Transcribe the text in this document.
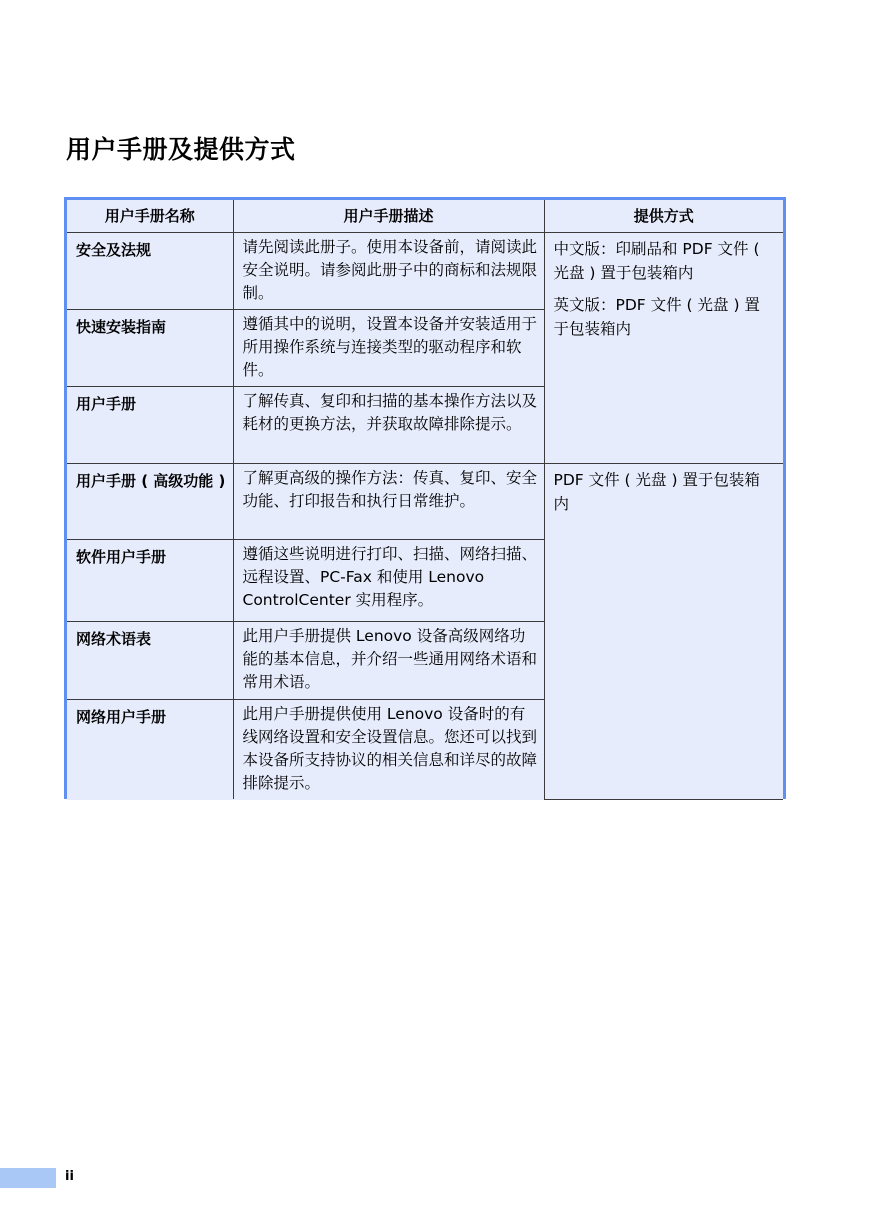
用户手册及提供方式
用户手册名称	用户手册描述	提供方式
安全及法规	请先阅读此册子。使用本设备前，请阅读此安全说明。请参阅此册子中的商标和法规限制。	中文版：印刷品和 PDF 文件 ( 光盘 ) 置于包装箱内

英文版：PDF 文件 ( 光盘 ) 置于包装箱内

快速安装指南	遵循其中的说明，设置本设备并安装适用于所用操作系统与连接类型的驱动程序和软件。	
用户手册	了解传真、复印和扫描的基本操作方法以及耗材的更换方法，并获取故障排除提示。	
用户手册 ( 高级功能 )	了解更高级的操作方法：传真、复印、安全功能、打印报告和执行日常维护。	PDF 文件 ( 光盘 ) 置于包装箱内
软件用户手册	遵循这些说明进行打印、扫描、网络扫描、远程设置、PC-Fax 和使用 Lenovo ControlCenter 实用程序。	
网络术语表	此用户手册提供 Lenovo 设备高级网络功能的基本信息，并介绍一些通用网络术语和常用术语。	
网络用户手册	此用户手册提供使用 Lenovo 设备时的有线网络设置和安全设置信息。您还可以找到本设备所支持协议的相关信息和详尽的故障排除提示。	
ii
